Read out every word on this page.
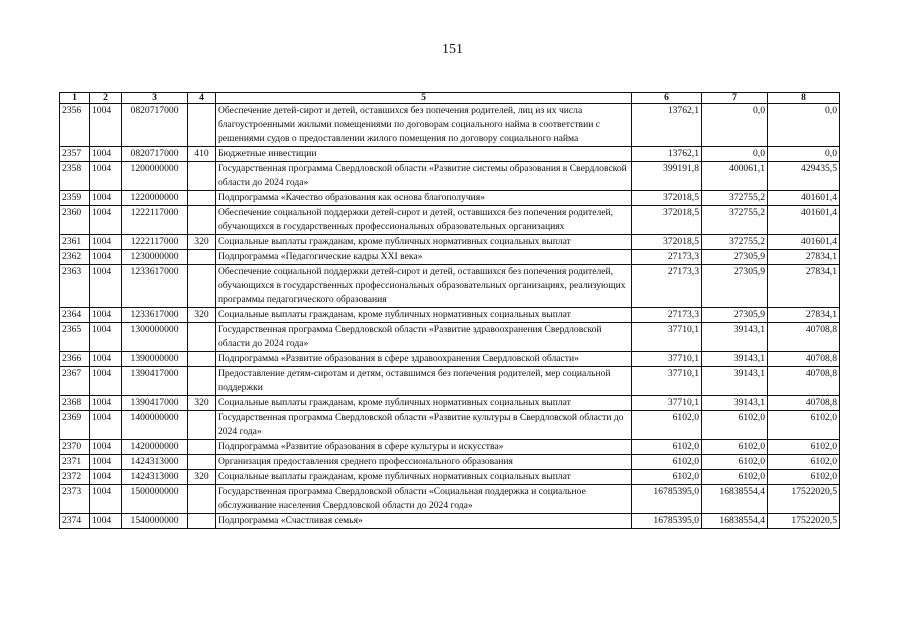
151
1	2	3	4	5	6	7	8
2356	1004	0820717000		Обеспечение детей-сирот и детей, оставшихся без попечения родителей, лиц из их числа благоустроенными жилыми помещениями по договорам социального найма в соответствии с решениями судов о предоставлении жилого помещения по договору социального найма	13762,1	0,0	0,0
2357	1004	0820717000	410	Бюджетные инвестиции	13762,1	0,0	0,0
2358	1004	1200000000		Государственная программа Свердловской области «Развитие системы образования в Свердловской области до 2024 года»	399191,8	400061,1	429435,5
2359	1004	1220000000		Подпрограмма «Качество образования как основа благополучия»	372018,5	372755,2	401601,4
2360	1004	1222117000		Обеспечение социальной поддержки детей-сирот и детей, оставшихся без попечения родителей, обучающихся в государственных профессиональных образовательных организациях	372018,5	372755,2	401601,4
2361	1004	1222117000	320	Социальные выплаты гражданам, кроме публичных нормативных социальных выплат	372018,5	372755,2	401601,4
2362	1004	1230000000		Подпрограмма «Педагогические кадры XXI века»	27173,3	27305,9	27834,1
2363	1004	1233617000		Обеспечение социальной поддержки детей-сирот и детей, оставшихся без попечения родителей, обучающихся в государственных профессиональных образовательных организациях, реализующих программы педагогического образования	27173,3	27305,9	27834,1
2364	1004	1233617000	320	Социальные выплаты гражданам, кроме публичных нормативных социальных выплат	27173,3	27305,9	27834,1
2365	1004	1300000000		Государственная программа Свердловской области «Развитие здравоохранения Свердловской области до 2024 года»	37710,1	39143,1	40708,8
2366	1004	1390000000		Подпрограмма «Развитие образования в сфере здравоохранения Свердловской области»	37710,1	39143,1	40708,8
2367	1004	1390417000		Предоставление детям-сиротам и детям, оставшимся без попечения родителей, мер социальной поддержки	37710,1	39143,1	40708,8
2368	1004	1390417000	320	Социальные выплаты гражданам, кроме публичных нормативных социальных выплат	37710,1	39143,1	40708,8
2369	1004	1400000000		Государственная программа Свердловской области «Развитие культуры в Свердловской области до 2024 года»	6102,0	6102,0	6102,0
2370	1004	1420000000		Подпрограмма «Развитие образования в сфере культуры и искусства»	6102,0	6102,0	6102,0
2371	1004	1424313000		Организация предоставления среднего профессионального образования	6102,0	6102,0	6102,0
2372	1004	1424313000	320	Социальные выплаты гражданам, кроме публичных нормативных социальных выплат	6102,0	6102,0	6102,0
2373	1004	1500000000		Государственная программа Свердловской области «Социальная поддержка и социальное обслуживание населения Свердловской области до 2024 года»	16785395,0	16838554,4	17522020,5
2374	1004	1540000000		Подпрограмма «Счастливая семья»	16785395,0	16838554,4	17522020,5
